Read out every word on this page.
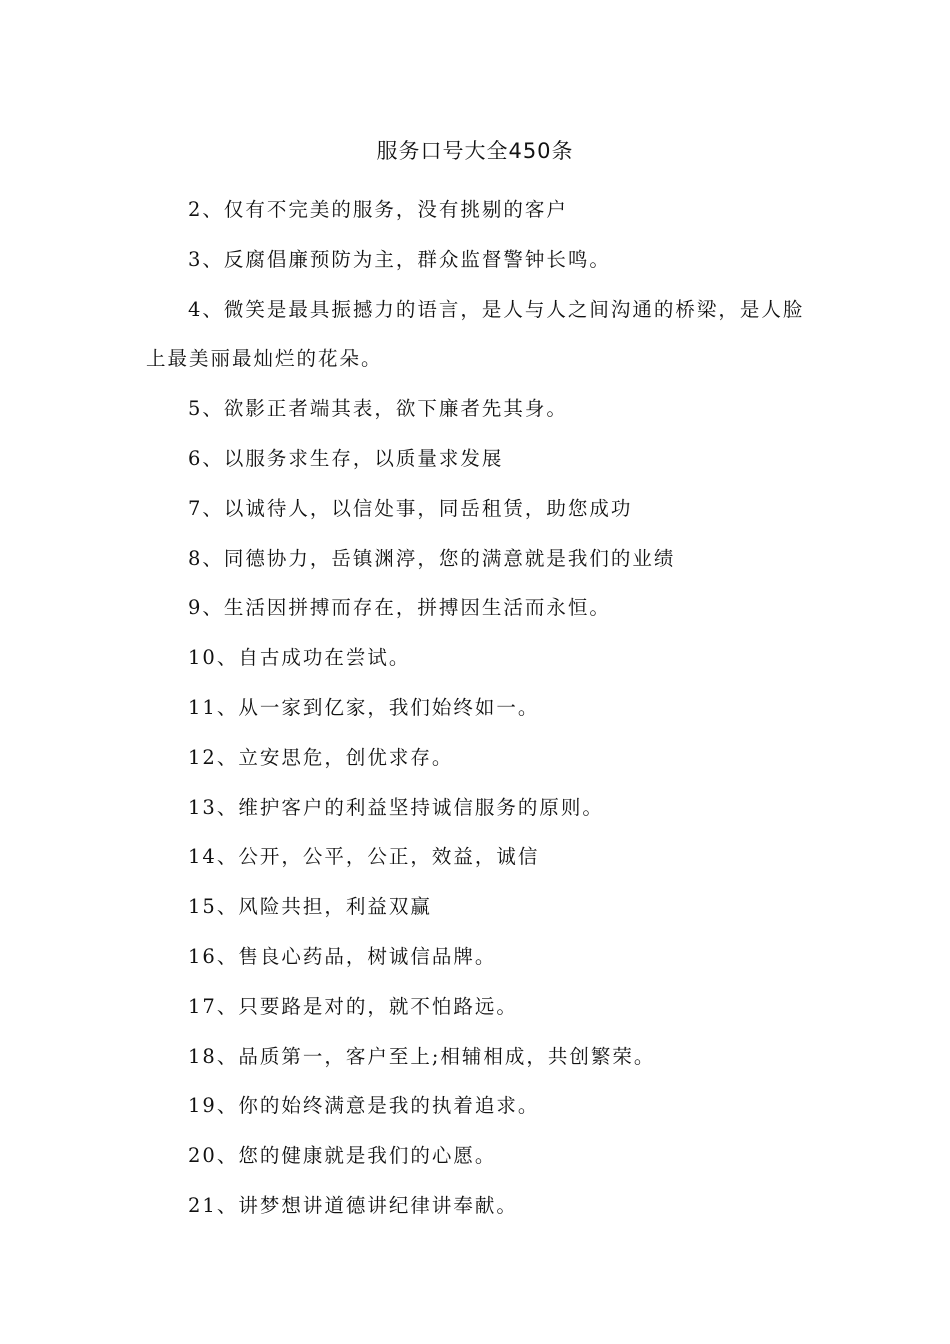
服务口号大全450条

2、仅有不完美的服务，没有挑剔的客户

3、反腐倡廉预防为主，群众监督警钟长鸣。

4、微笑是最具振撼力的语言，是人与人之间沟通的桥梁，是人脸上最美丽最灿烂的花朵。

5、欲影正者端其表，欲下廉者先其身。

6、以服务求生存，以质量求发展

7、以诚待人，以信处事，同岳租赁，助您成功

8、同德协力，岳镇渊渟，您的满意就是我们的业绩

9、生活因拼搏而存在，拼搏因生活而永恒。

10、自古成功在尝试。

11、从一家到亿家，我们始终如一。

12、立安思危，创优求存。

13、维护客户的利益坚持诚信服务的原则。

14、公开，公平，公正，效益，诚信

15、风险共担，利益双赢

16、售良心药品，树诚信品牌。

17、只要路是对的，就不怕路远。

18、品质第一，客户至上;相辅相成，共创繁荣。

19、你的始终满意是我的执着追求。

20、您的健康就是我们的心愿。

21、讲梦想讲道德讲纪律讲奉献。
